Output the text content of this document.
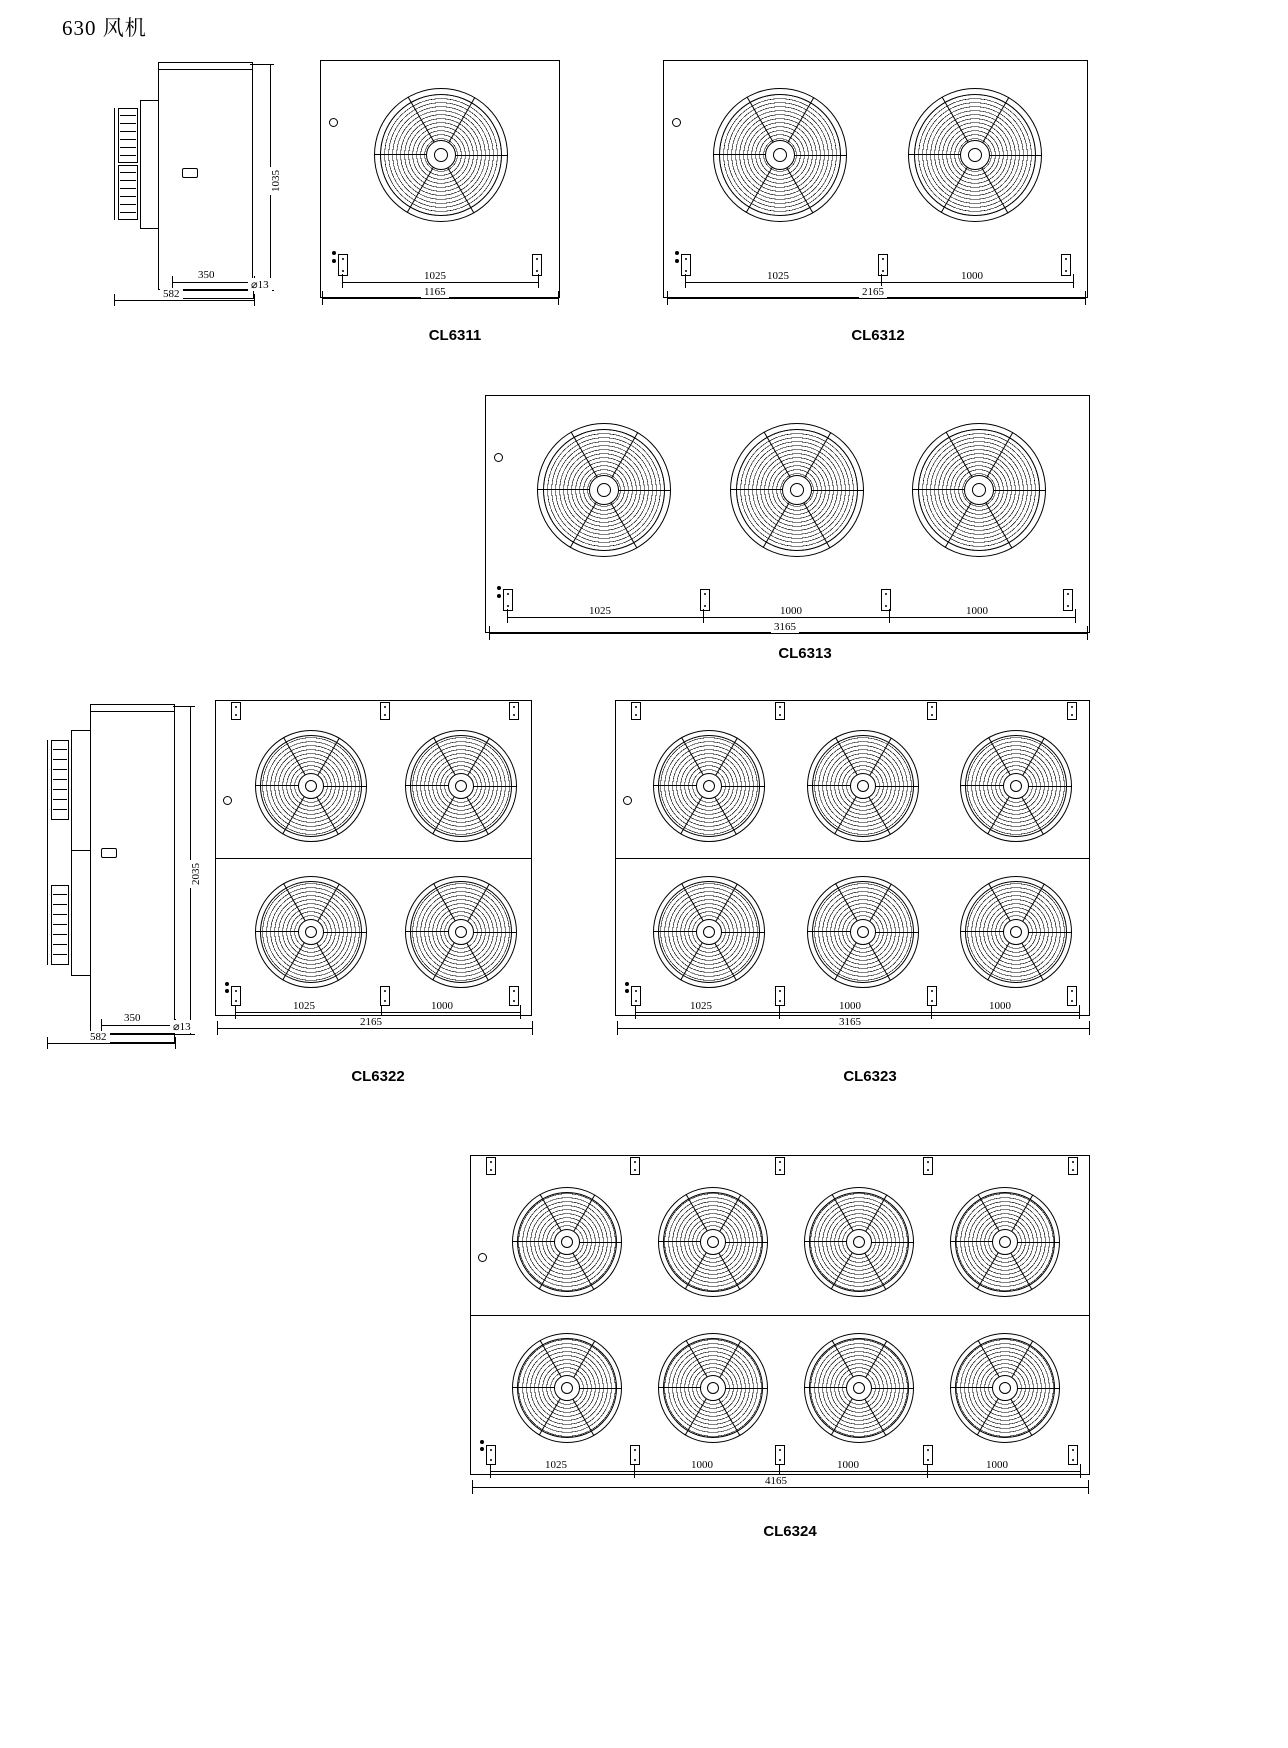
630 风机
1035
350
582
⌀13
1025
1165
CL6311
1025	1000
2165
CL6312
1025	1000	1000
3165
CL6313
2035
350
582
⌀13
1025	1000
2165
CL6322
1025	1000	1000
3165
CL6323
1025	1000	1000	1000
4165
CL6324
